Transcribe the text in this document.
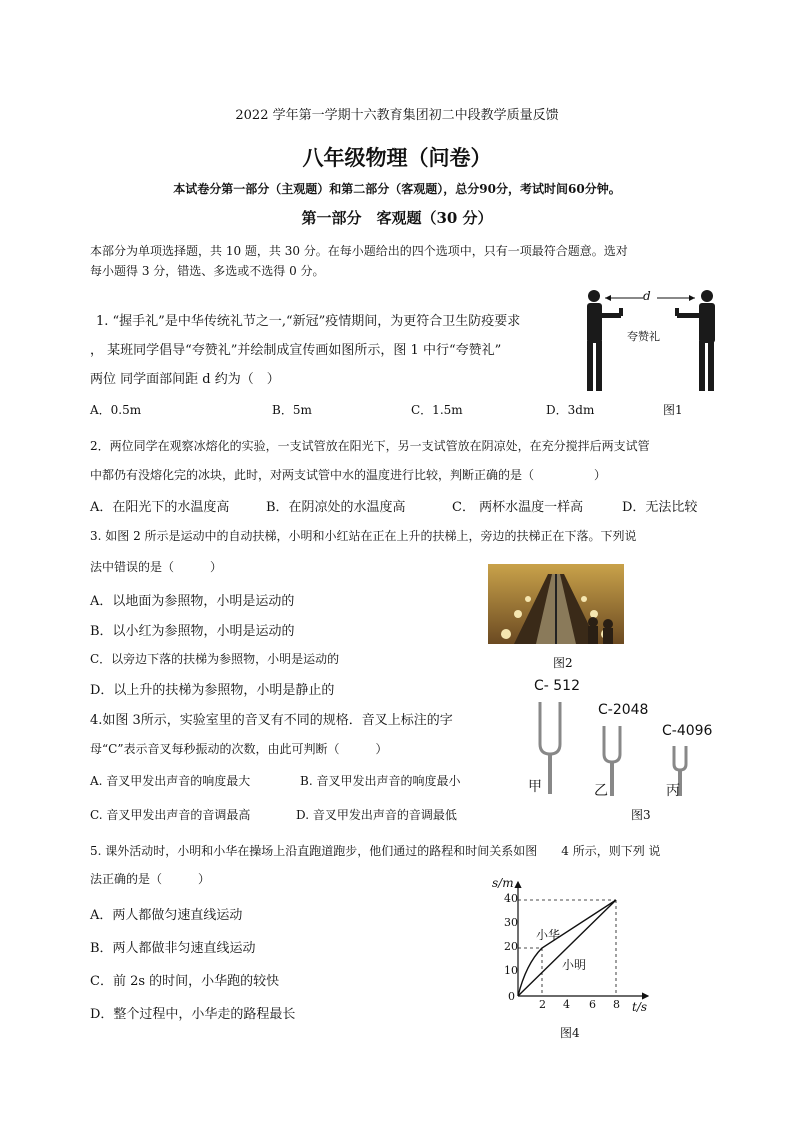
2022 学年第一学期十六教育集团初二中段教学质量反馈
八年级物理（问卷）
本试卷分第一部分（主观题）和第二部分（客观题），总分90分，考试时间60分钟。
第一部分　客观题（30 分）
本部分为单项选择题，共 10 题，共 30 分。在每小题给出的四个选项中，只有一项最符合题意。选对
每小题得 3 分，错选、多选或不选得 0 分。
1. “握手礼”是中华传统礼节之一,“新冠”疫情期间，为更符合卫生防疫要求
， 某班同学倡导“夸赞礼”并绘制成宣传画如图所示，图 1 中行“夸赞礼”
两位 同学面部间距 d 约为（　）
A．0.5m	B．5m	C．1.5m	D．3dm	图1
d
夸赞礼
2．两位同学在观察冰熔化的实验，一支试管放在阳光下，另一支试管放在阴凉处，在充分搅拌后两支试管
中都仍有没熔化完的冰块，此时，对两支试管中水的温度进行比较，判断正确的是（　　　　　）
A．在阳光下的水温度高	B．在阴凉处的水温度高	C． 两杯水温度一样高	D．无法比较
3. 如图 2 所示是运动中的自动扶梯，小明和小红站在正在上升的扶梯上，旁边的扶梯正在下落。下列说
法中错误的是（　　　）
A．以地面为参照物，小明是运动的
B．以小红为参照物，小明是运动的
C．以旁边下落的扶梯为参照物，小明是运动的
D．以上升的扶梯为参照物，小明是静止的
图2
4.如图 3所示，实验室里的音叉有不同的规格．音叉上标注的字
母“C”表示音叉每秒振动的次数，由此可判断（　　　）
A. 音叉甲发出声音的响度最大	B. 音叉甲发出声音的响度最小
C. 音叉甲发出声音的音调最高	D. 音叉甲发出声音的音调最低
C- 512
C-2048
C-4096
甲	乙	丙
图3
5. 课外活动时，小明和小华在操场上沿直跑道跑步，他们通过的路程和时间关系如图　　4 所示，则下列 说
法正确的是（　　　）
A．两人都做匀速直线运动
B．两人都做非匀速直线运动
C．前 2s 的时间，小华跑的较快
D．整个过程中，小华走的路程最长
s/m
t/s
0
10
20
30
40
2 4 6 8
小华
小明
图4
